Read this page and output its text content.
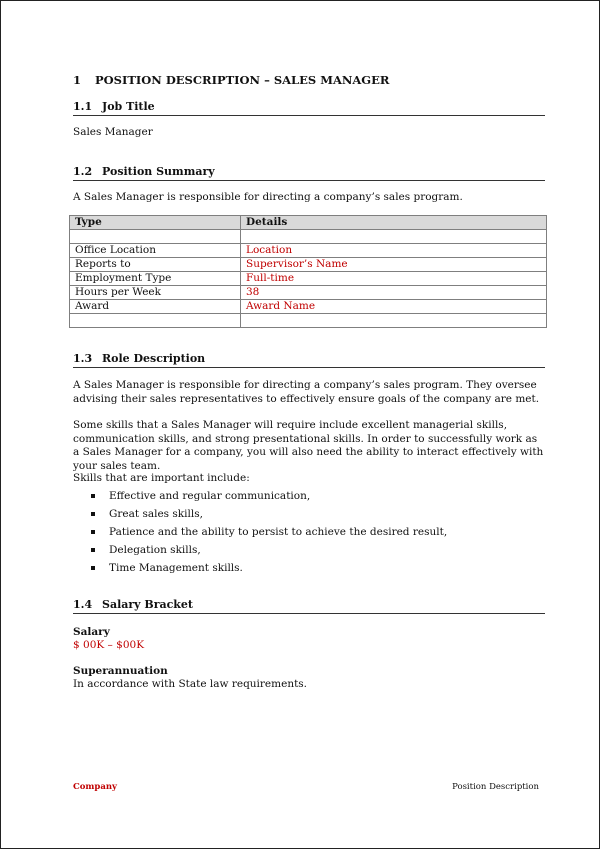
1	POSITION DESCRIPTION – SALES MANAGER
1.1 Job Title
Sales Manager
1.2 Position Summary
A Sales Manager is responsible for directing a company’s sales program.
Type	Details

Office Location	Location
Reports to	Supervisor’s Name
Employment Type	Full-time
Hours per Week	38
Award	Award Name

1.3 Role Description
A Sales Manager is responsible for directing a company’s sales program. They oversee advising their sales representatives to effectively ensure goals of the company are met.
Some skills that a Sales Manager will require include excellent managerial skills, communication skills, and strong presentational skills. In order to successfully work as a Sales Manager for a company, you will also need the ability to interact effectively with your sales team.
Skills that are important include:
Effective and regular communication,
Great sales skills,
Patience and the ability to persist to achieve the desired result,
Delegation skills,
Time Management skills.
1.4 Salary Bracket
Salary
$ 00K – $00K
Superannuation
In accordance with State law requirements.
Company	Position Description
